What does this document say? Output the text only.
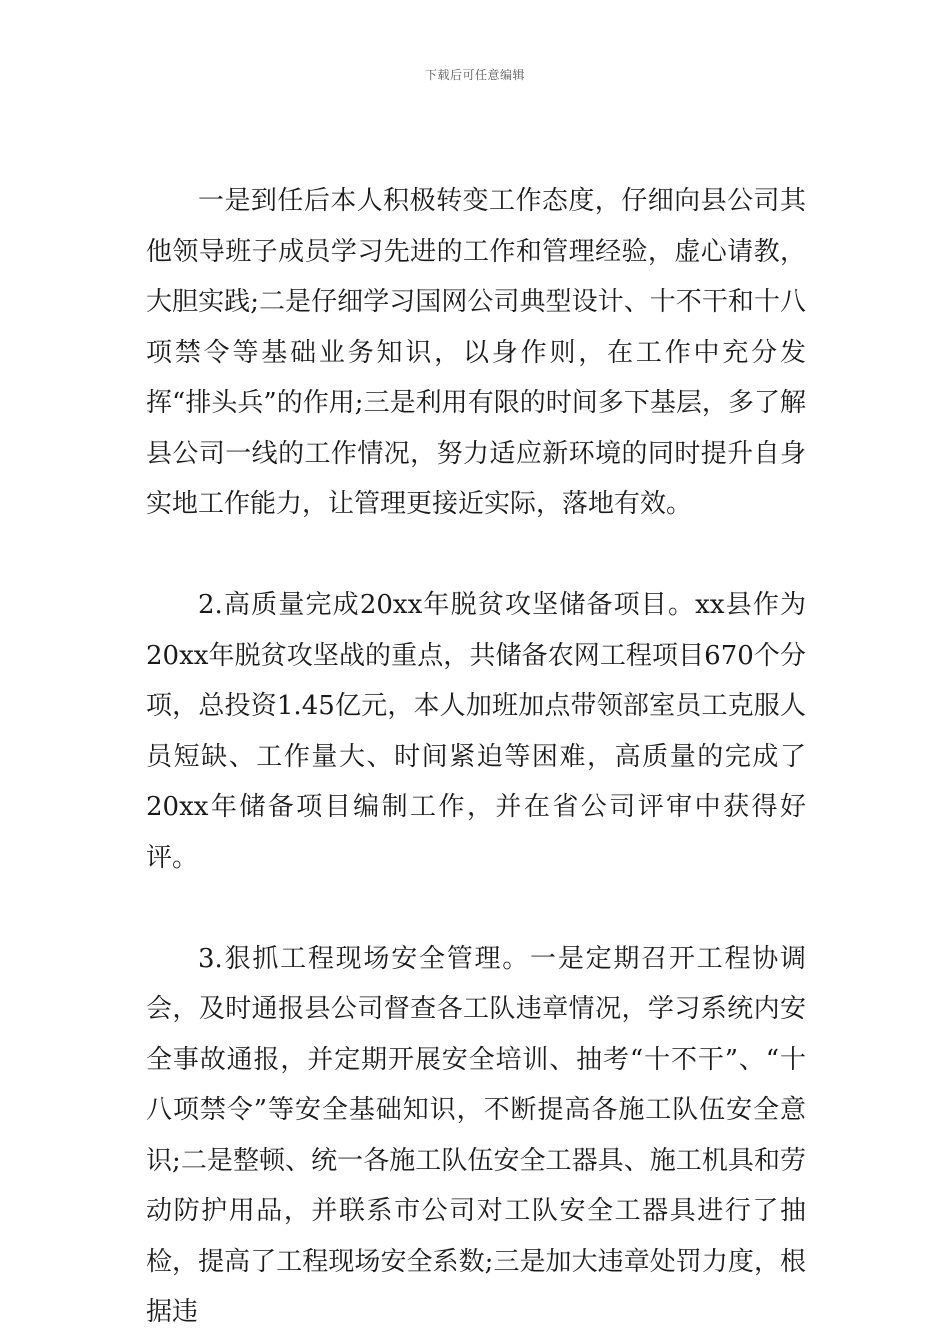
下载后可任意编辑

一是到任后本人积极转变工作态度，仔细向县公司其他领导班子成员学习先进的工作和管理经验，虚心请教，大胆实践;二是仔细学习国网公司典型设计、十不干和十八项禁令等基础业务知识，以身作则，在工作中充分发挥“排头兵”的作用;三是利用有限的时间多下基层，多了解县公司一线的工作情况，努力适应新环境的同时提升自身实地工作能力，让管理更接近实际，落地有效。

2.高质量完成20xx年脱贫攻坚储备项目。xx县作为20xx年脱贫攻坚战的重点，共储备农网工程项目670个分项，总投资1.45亿元，本人加班加点带领部室员工克服人员短缺、工作量大、时间紧迫等困难，高质量的完成了20xx年储备项目编制工作，并在省公司评审中获得好评。

3.狠抓工程现场安全管理。一是定期召开工程协调会，及时通报县公司督查各工队违章情况，学习系统内安全事故通报，并定期开展安全培训、抽考“十不干”、“十八项禁令”等安全基础知识，不断提高各施工队伍安全意识;二是整顿、统一各施工队伍安全工器具、施工机具和劳动防护用品，并联系市公司对工队安全工器具进行了抽检，提高了工程现场安全系数;三是加大违章处罚力度，根据违
